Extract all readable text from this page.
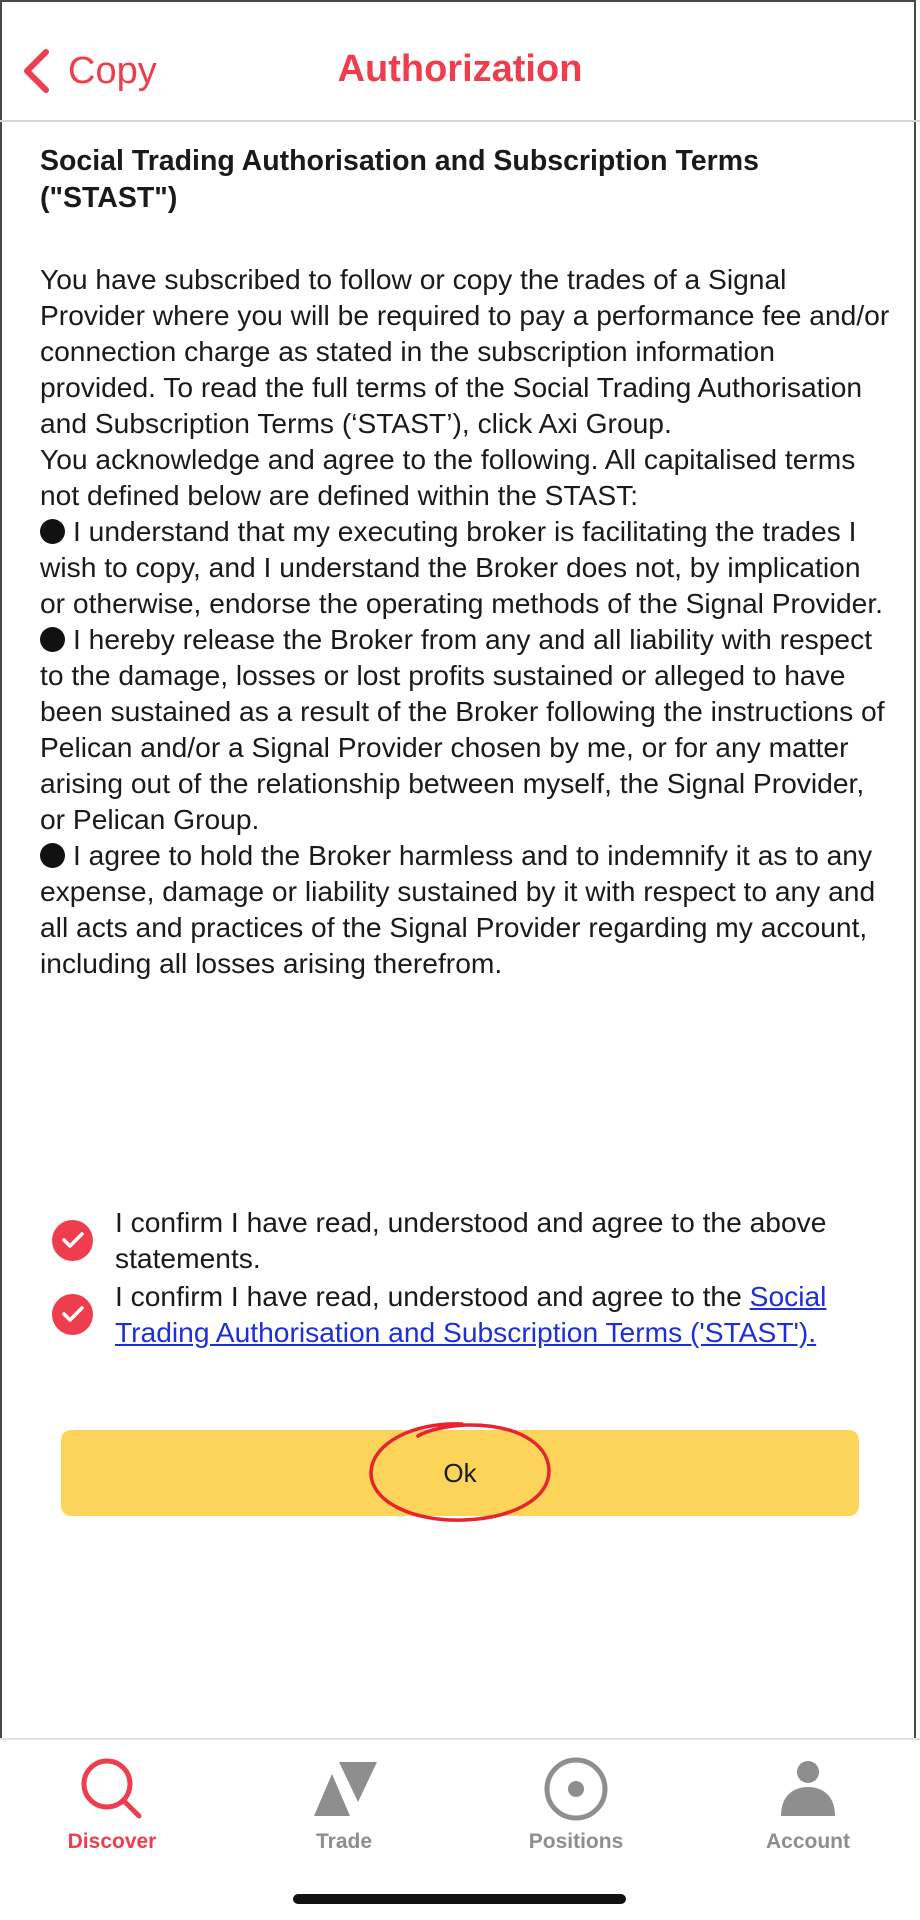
Copy	Authorization
Social Trading Authorisation and Subscription Terms
("STAST")

You have subscribed to follow or copy the trades of a Signal Provider where you will be required to pay a performance fee and/or connection charge as stated in the subscription information provided. To read the full terms of the Social Trading Authorisation and Subscription Terms (‘STAST’), click Axi Group.

You acknowledge and agree to the following. All capitalised terms not defined below are defined within the STAST:

I understand that my executing broker is facilitating the trades I wish to copy, and I understand the Broker does not, by implication or otherwise, endorse the operating methods of the Signal Provider.

I hereby release the Broker from any and all liability with respect to the damage, losses or lost profits sustained or alleged to have been sustained as a result of the Broker following the instructions of Pelican and/or a Signal Provider chosen by me, or for any matter arising out of the relationship between myself, the Signal Provider, or Pelican Group.

I agree to hold the Broker harmless and to indemnify it as to any expense, damage or liability sustained by it with respect to any and all acts and practices of the Signal Provider regarding my account, including all losses arising therefrom.

I confirm I have read, understood and agree to the above statements.
I confirm I have read, understood and agree to the Social Trading Authorisation and Subscription Terms ('STAST').
Ok
Discover	Trade	Positions	Account
